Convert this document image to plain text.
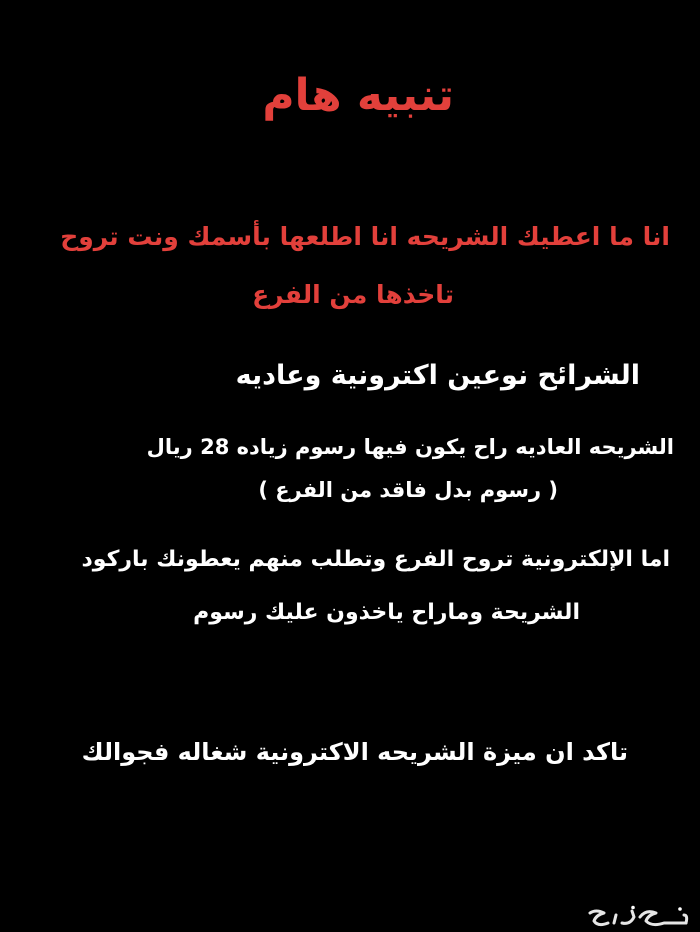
تنبيه هام
انا ما اعطيك الشريحه انا اطلعها بأسمك ونت تروح
تاخذها من الفرع
الشرائح نوعين اكترونية وعاديه
الشريحه العاديه راح يكون فيها رسوم زياده 28 ريال
( رسوم بدل فاقد من الفرع )
اما الإلكترونية تروح الفرع وتطلب منهم يعطونك باركود
الشريحة وماراح ياخذون عليك رسوم
تاكد ان ميزة الشريحه الاكترونية شغاله فجوالك
